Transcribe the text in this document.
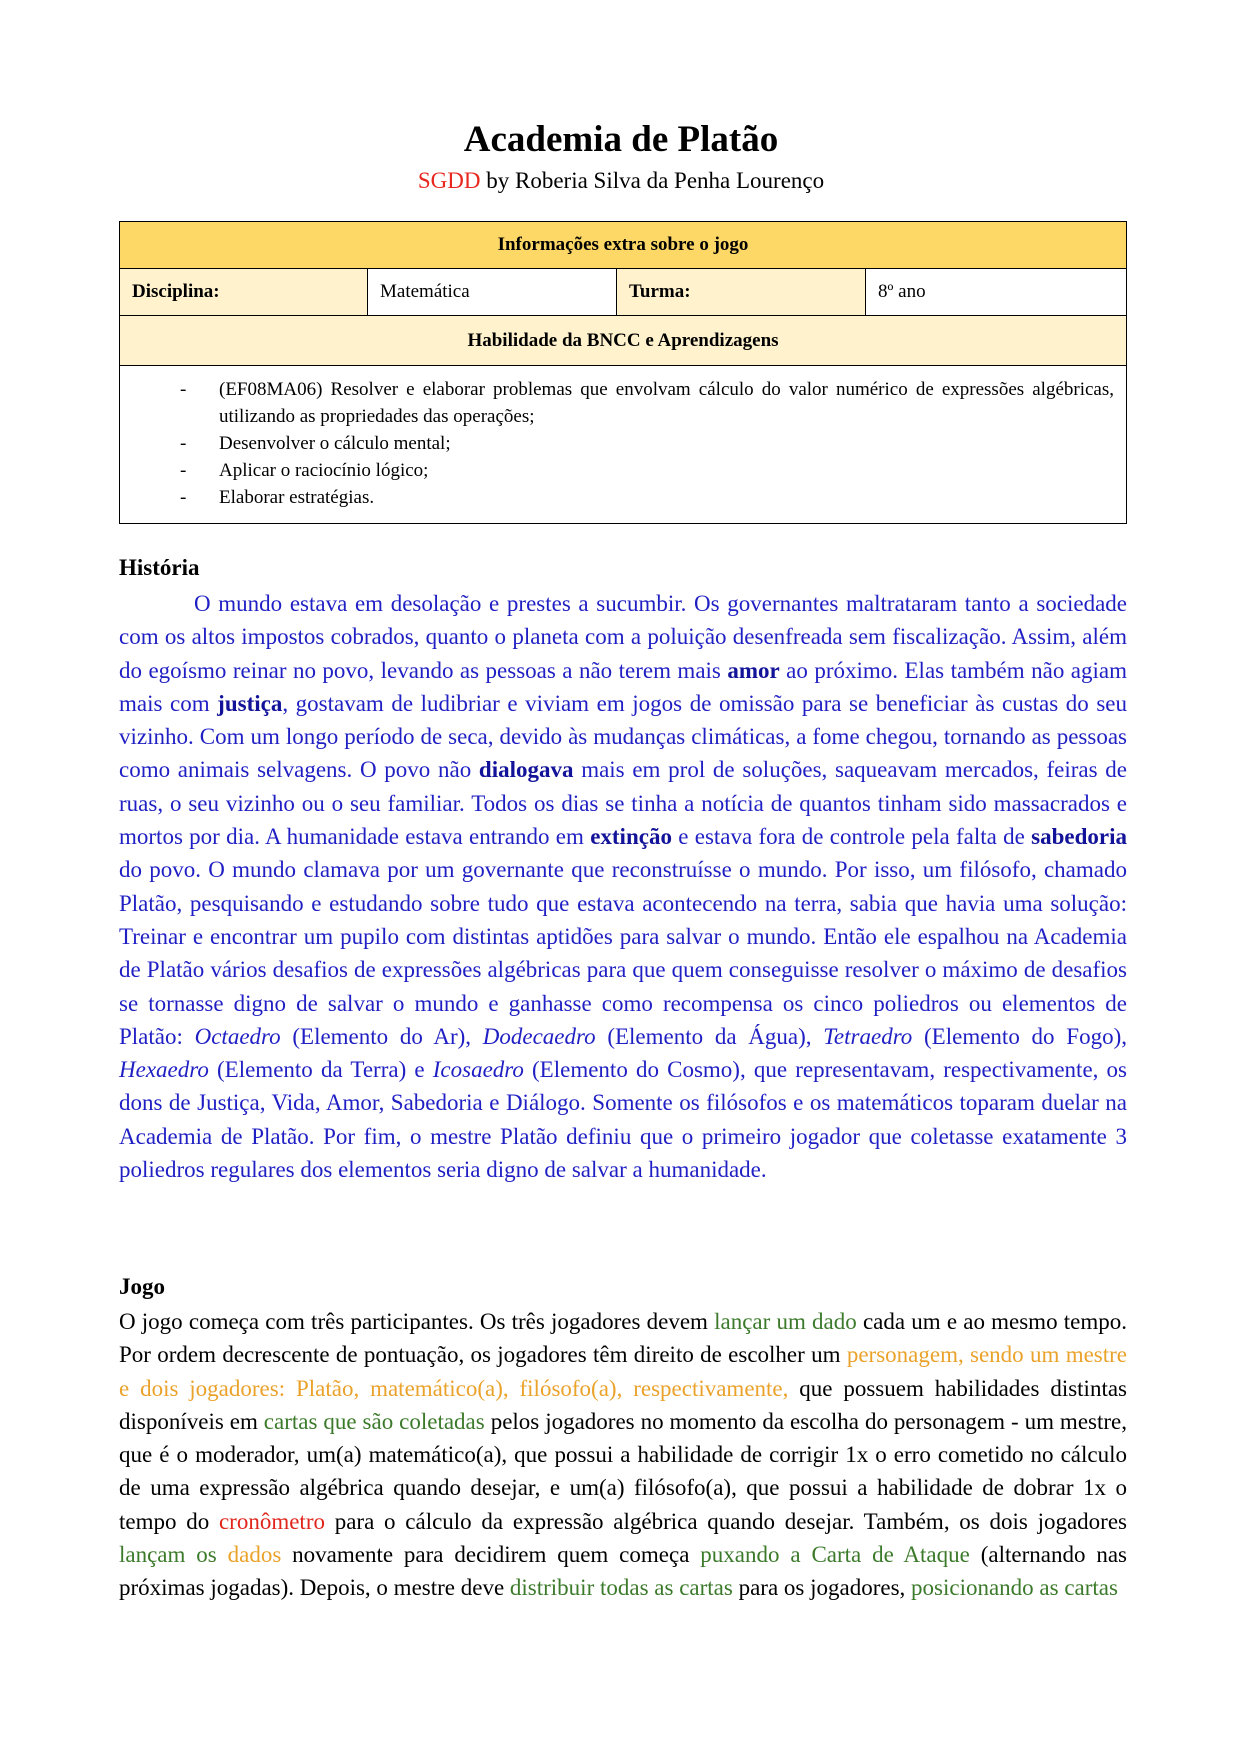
Academia de Platão
SGDD by Roberia Silva da Penha Lourenço
Informações extra sobre o jogo
Disciplina:	Matemática	Turma:	8º ano
Habilidade da BNCC e Aprendizagens

- (EF08MA06) Resolver e elaborar problemas que envolvam cálculo do valor numérico de expressões algébricas, utilizando as propriedades das operações;
- Desenvolver o cálculo mental;
- Aplicar o raciocínio lógico;
- Elaborar estratégias.
História
O mundo estava em desolação e prestes a sucumbir. Os governantes maltrataram tanto a sociedade com os altos impostos cobrados, quanto o planeta com a poluição desenfreada sem fiscalização. Assim, além do egoísmo reinar no povo, levando as pessoas a não terem mais amor ao próximo. Elas também não agiam mais com justiça, gostavam de ludibriar e viviam em jogos de omissão para se beneficiar às custas do seu vizinho. Com um longo período de seca, devido às mudanças climáticas, a fome chegou, tornando as pessoas como animais selvagens. O povo não dialogava mais em prol de soluções, saqueavam mercados, feiras de ruas, o seu vizinho ou o seu familiar. Todos os dias se tinha a notícia de quantos tinham sido massacrados e mortos por dia. A humanidade estava entrando em extinção e estava fora de controle pela falta de sabedoria do povo. O mundo clamava por um governante que reconstruísse o mundo. Por isso, um filósofo, chamado Platão, pesquisando e estudando sobre tudo que estava acontecendo na terra, sabia que havia uma solução: Treinar e encontrar um pupilo com distintas aptidões para salvar o mundo. Então ele espalhou na Academia de Platão vários desafios de expressões algébricas para que quem conseguisse resolver o máximo de desafios se tornasse digno de salvar o mundo e ganhasse como recompensa os cinco poliedros ou elementos de Platão: Octaedro (Elemento do Ar), Dodecaedro (Elemento da Água), Tetraedro (Elemento do Fogo), Hexaedro (Elemento da Terra) e Icosaedro (Elemento do Cosmo), que representavam, respectivamente, os dons de Justiça, Vida, Amor, Sabedoria e Diálogo. Somente os filósofos e os matemáticos toparam duelar na Academia de Platão. Por fim, o mestre Platão definiu que o primeiro jogador que coletasse exatamente 3 poliedros regulares dos elementos seria digno de salvar a humanidade.
Jogo
O jogo começa com três participantes. Os três jogadores devem lançar um dado cada um e ao mesmo tempo. Por ordem decrescente de pontuação, os jogadores têm direito de escolher um personagem, sendo um mestre e dois jogadores: Platão, matemático(a), filósofo(a), respectivamente, que possuem habilidades distintas disponíveis em cartas que são coletadas pelos jogadores no momento da escolha do personagem - um mestre, que é o moderador, um(a) matemático(a), que possui a habilidade de corrigir 1x o erro cometido no cálculo de uma expressão algébrica quando desejar, e um(a) filósofo(a), que possui a habilidade de dobrar 1x o tempo do cronômetro para o cálculo da expressão algébrica quando desejar. Também, os dois jogadores lançam os dados novamente para decidirem quem começa puxando a Carta de Ataque (alternando nas próximas jogadas). Depois, o mestre deve distribuir todas as cartas para os jogadores, posicionando as cartas
